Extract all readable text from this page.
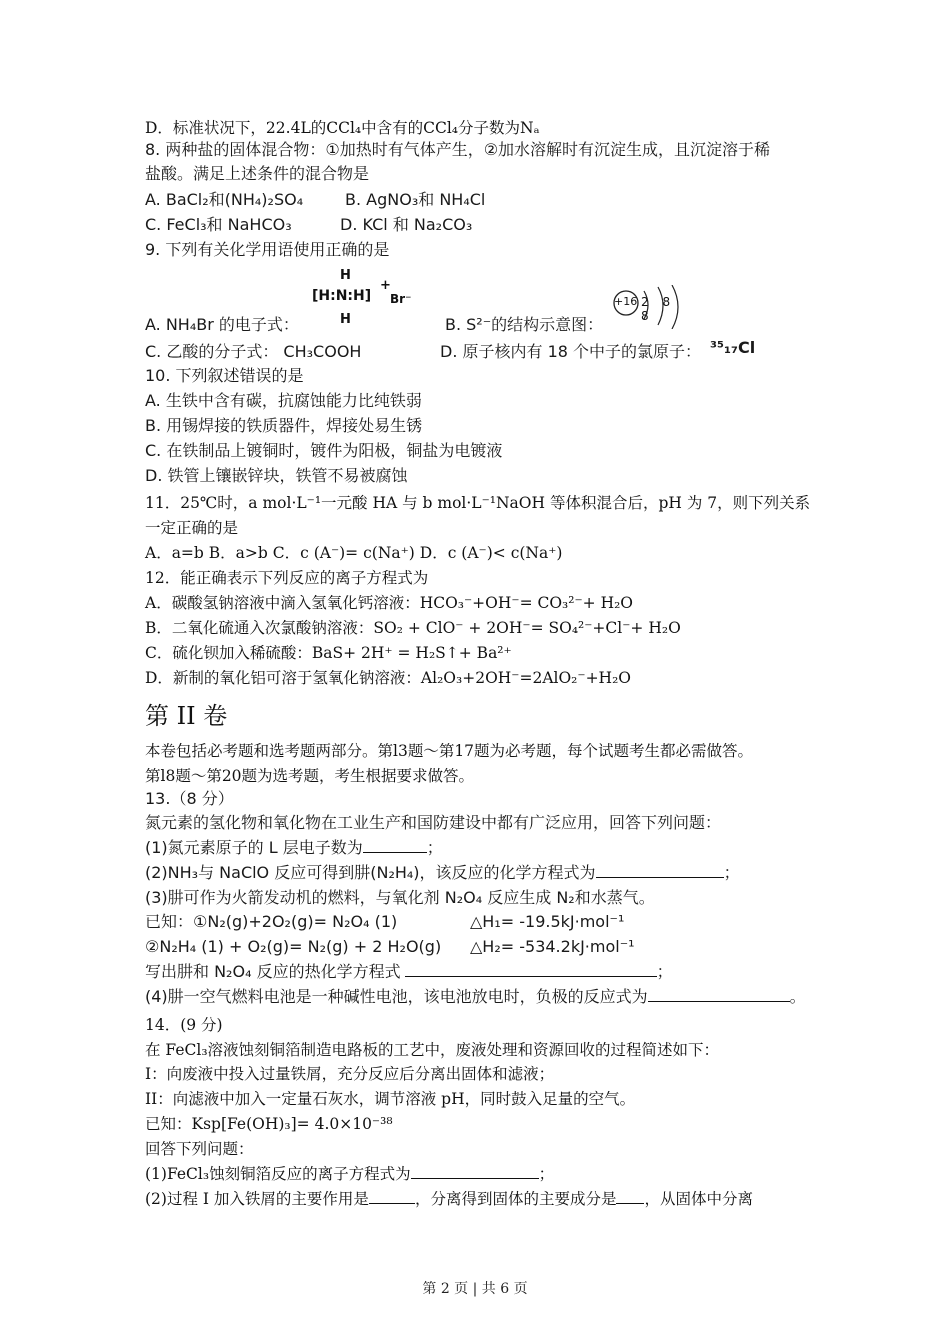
D．标准状况下，22.4L的CCl₄中含有的CCl₄分子数为Nₐ
8. 两种盐的固体混合物：①加热时有气体产生，②加水溶解时有沉淀生成，且沉淀溶于稀
盐酸。满足上述条件的混合物是
A. BaCl₂和(NH₄)₂SO₄	B. AgNO₃和 NH₄Cl
C. FeCl₃和 NaHCO₃	D. KCl 和 Na₂CO₃
9. 下列有关化学用语使用正确的是
H
[H:N:H]
H
+
Br⁻	+16 2 8 8
A. NH₄Br 的电子式：	B. S²⁻的结构示意图：
C. 乙酸的分子式： CH₃COOH	D. 原子核内有 18 个中子的氯原子： ³⁵₁₇Cl
10. 下列叙述错误的是
A. 生铁中含有碳，抗腐蚀能力比纯铁弱
B. 用锡焊接的铁质器件，焊接处易生锈
C. 在铁制品上镀铜时，镀件为阳极，铜盐为电镀液
D. 铁管上镶嵌锌块，铁管不易被腐蚀
11．25℃时，a mol·L⁻¹一元酸 HA 与 b mol·L⁻¹NaOH 等体积混合后，pH 为 7，则下列关系
一定正确的是
A．a=b B．a>b C．c (A⁻)= c(Na⁺) D．c (A⁻)< c(Na⁺)
12．能正确表示下列反应的离子方程式为
A．碳酸氢钠溶液中滴入氢氧化钙溶液：HCO₃⁻+OH⁻= CO₃²⁻+ H₂O
B．二氧化硫通入次氯酸钠溶液：SO₂ + ClO⁻ + 2OH⁻= SO₄²⁻+Cl⁻+ H₂O
C．硫化钡加入稀硫酸：BaS+ 2H⁺ = H₂S↑+ Ba²⁺
D．新制的氧化铝可溶于氢氧化钠溶液：Al₂O₃+2OH⁻=2AlO₂⁻+H₂O
第 II 卷
本卷包括必考题和选考题两部分。第l3题～第17题为必考题，每个试题考生都必需做答。
第l8题～第20题为选考题，考生根据要求做答。
13.（8 分）
氮元素的氢化物和氧化物在工业生产和国防建设中都有广泛应用，回答下列问题：
(1)氮元素原子的 L 层电子数为	；
(2)NH₃与 NaClO 反应可得到肼(N₂H₄)，该反应的化学方程式为	；
(3)肼可作为火箭发动机的燃料，与氧化剂 N₂O₄ 反应生成 N₂和水蒸气。
已知：①N₂(g)+2O₂(g)= N₂O₄ (1)	△H₁= -19.5kJ·mol⁻¹
②N₂H₄ (1) + O₂(g)= N₂(g) + 2 H₂O(g) △H₂= -534.2kJ·mol⁻¹
写出肼和 N₂O₄ 反应的热化学方程式	；
(4)肼一空气燃料电池是一种碱性电池，该电池放电时，负极的反应式为	。
14．(9 分)
在 FeCl₃溶液蚀刻铜箔制造电路板的工艺中，废液处理和资源回收的过程简述如下：
I：向废液中投入过量铁屑，充分反应后分离出固体和滤液；
II：向滤液中加入一定量石灰水，调节溶液 pH，同时鼓入足量的空气。
已知：Ksp[Fe(OH)₃]= 4.0×10⁻³⁸
回答下列问题：
(1)FeCl₃蚀刻铜箔反应的离子方程式为	；
(2)过程 I 加入铁屑的主要作用是	，分离得到固体的主要成分是 ，从固体中分离
第 2 页 | 共 6 页
